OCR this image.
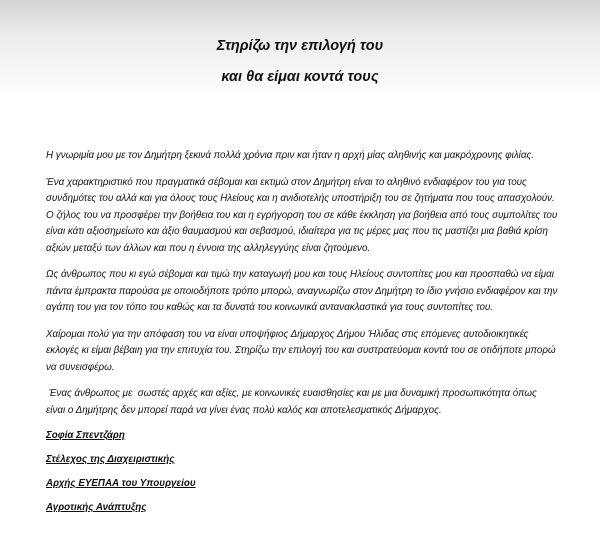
Στηρίζω την επιλογή του

και θα είμαι κοντά τους

Η γνωριμία μου με τον Δημήτρη ξεκινά πολλά χρόνια πριν και ήταν η αρχή μίας αληθινής και μακρόχρονης φιλίας.

Ένα χαρακτηριστικό που πραγματικά σέβομαι και εκτιμώ στον Δημήτρη είναι το αληθινό ενδιαφέρον του για τους συνδημότες του αλλά και για όλους τους Ηλείους και η ανιδιοτελής υποστήριξη του σε ζητήματα που τους απασχολούν. Ο ζήλος του να προσφέρει την βοήθεια του και η εγρήγορση του σε κάθε έκκληση για βοήθεια από τους συμπολίτες του είναι κάτι αξιοσημείωτο και άξιο θαυμασμού και σεβασμού, ιδιαίτερα για τις μέρες μας που τις μαστίζει μια βαθιά κρίση αξιών μεταξύ των άλλων και που η έννοια της αλληλεγγύης είναι ζητούμενο.

Ως άνθρωπος που κι εγώ σέβομαι και τιμώ την καταγωγή μου και τους Ηλείους συντοπίτες μου και προσπαθώ να είμαι πάντα έμπρακτα παρούσα με οποιοδήποτε τρόπο μπορώ, αναγνωρίζω στον Δημήτρη το ίδιο γνήσιο ενδιαφέρον και την αγάπη του για τον τόπο του καθώς και τα δυνατά του κοινωνικά αντανακλαστικά για τους συντοπίτες του.

Χαίρομαι πολύ για την απόφαση του να είναι υποψήφιος Δήμαρχος Δήμου Ήλιδας στις επόμενες αυτοδιοικητικές εκλογές κι είμαι βέβαιη για την επιτυχία του. Στηρίζω την επιλογή του και συστρατεύομαι κοντά του σε οτιδήποτε μπορώ να συνεισφέρω.

Ένας άνθρωπος με  σωστές αρχές και αξίες, με κοινωνικές ευαισθησίες και με μια δυναμική προσωπικότητα όπως είναι ο Δημήτρης δεν μπορεί παρά να γίνει ένας πολύ καλός και αποτελεσματικός Δήμαρχος.

Σοφία Σπεντζάρη

Στέλεχος της Διαχειριστικής

Αρχής ΕΥΕΠΑΑ του Υπουργείου

Αγροτικής Ανάπτυξης
